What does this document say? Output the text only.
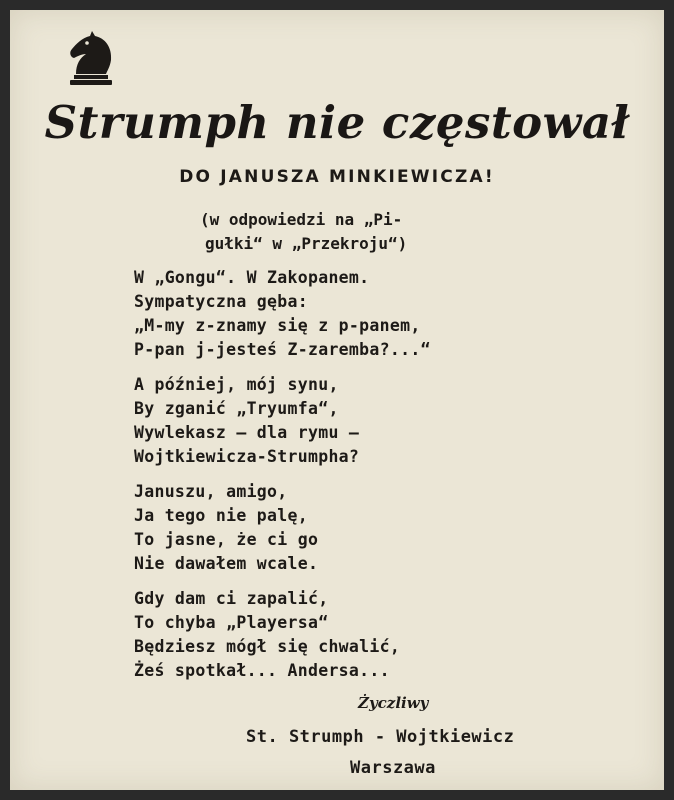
Strumph nie częstował
DO JANUSZA MINKIEWICZA!
(w odpowiedzi na „Pi-
gułki“ w „Przekroju“)
W „Gongu“. W Zakopanem.
Sympatyczna gęba:
„M-my z-znamy się z p-panem,
P-pan j-jesteś Z-zaremba?...“
A później, mój synu,
By zganić „Tryumfa“,
Wywlekasz — dla rymu —
Wojtkiewicza-Strumpha?
Januszu, amigo,
Ja tego nie palę,
To jasne, że ci go
Nie dawałem wcale.
Gdy dam ci zapalić,
To chyba „Playersa“
Będziesz mógł się chwalić,
Żeś spotkał... Andersa...
Życzliwy
St. Strumph - Wojtkiewicz
Warszawa
